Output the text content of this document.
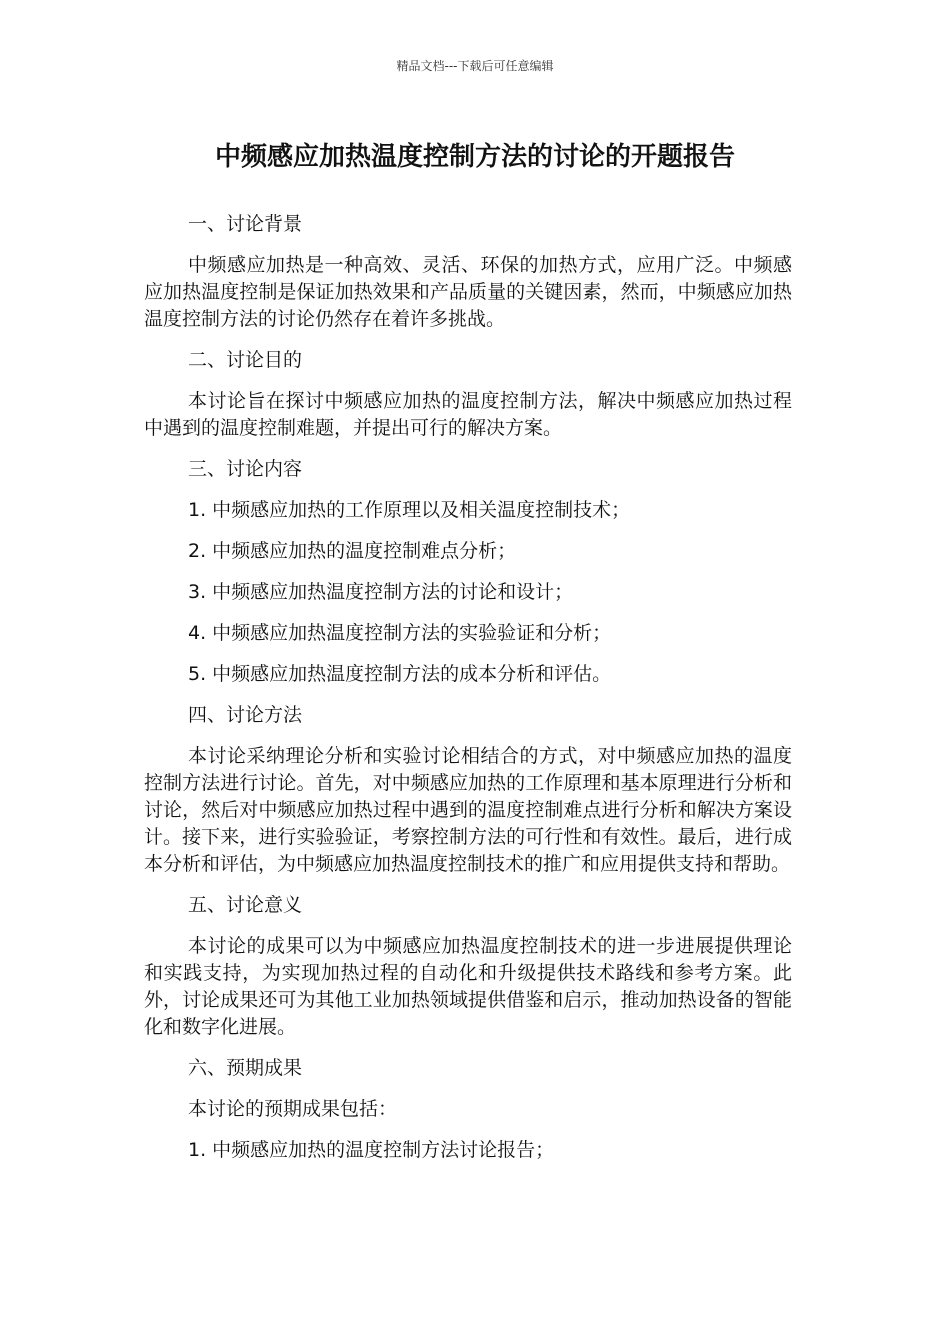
精品文档---下载后可任意编辑
中频感应加热温度控制方法的讨论的开题报告

一、讨论背景

中频感应加热是一种高效、灵活、环保的加热方式，应用广泛。中频感应加热温度控制是保证加热效果和产品质量的关键因素，然而，中频感应加热温度控制方法的讨论仍然存在着许多挑战。

二、讨论目的

本讨论旨在探讨中频感应加热的温度控制方法，解决中频感应加热过程中遇到的温度控制难题，并提出可行的解决方案。

三、讨论内容

1. 中频感应加热的工作原理以及相关温度控制技术；

2. 中频感应加热的温度控制难点分析；

3. 中频感应加热温度控制方法的讨论和设计；

4. 中频感应加热温度控制方法的实验验证和分析；

5. 中频感应加热温度控制方法的成本分析和评估。

四、讨论方法

本讨论采纳理论分析和实验讨论相结合的方式，对中频感应加热的温度控制方法进行讨论。首先，对中频感应加热的工作原理和基本原理进行分析和讨论，然后对中频感应加热过程中遇到的温度控制难点进行分析和解决方案设计。接下来，进行实验验证，考察控制方法的可行性和有效性。最后，进行成本分析和评估，为中频感应加热温度控制技术的推广和应用提供支持和帮助。

五、讨论意义

本讨论的成果可以为中频感应加热温度控制技术的进一步进展提供理论和实践支持，为实现加热过程的自动化和升级提供技术路线和参考方案。此外，讨论成果还可为其他工业加热领域提供借鉴和启示，推动加热设备的智能化和数字化进展。

六、预期成果

本讨论的预期成果包括：

1. 中频感应加热的温度控制方法讨论报告；
